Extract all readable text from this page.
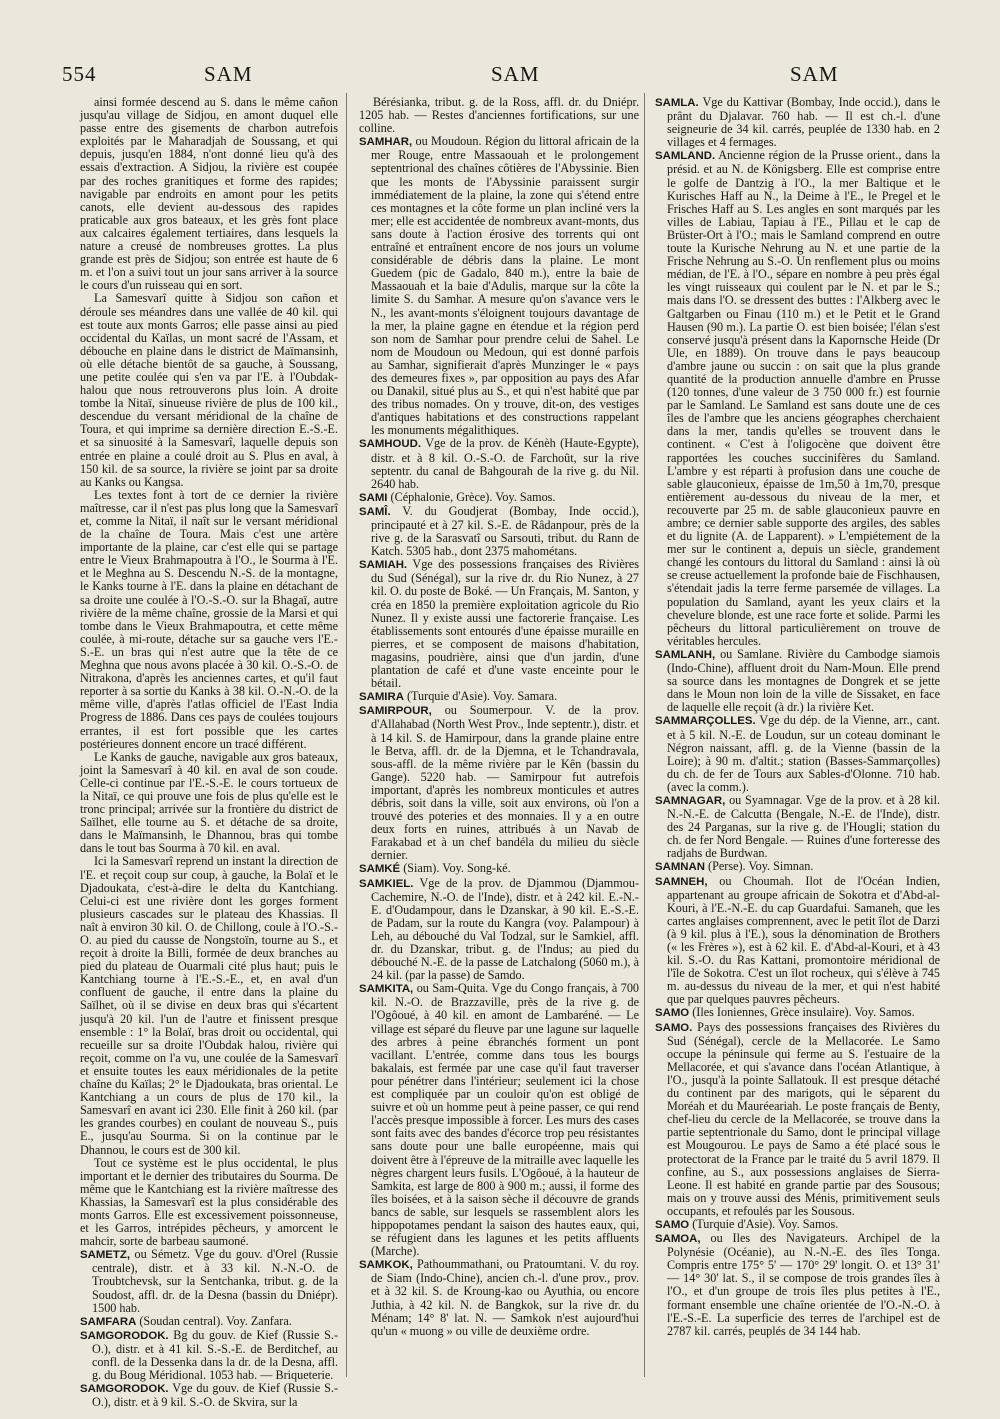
554	SAM	SAM	SAM

ainsi formée descend au S. dans le même cañon jusqu'au village de Sidjou, en amont duquel elle passe entre des gisements de charbon autrefois exploités par le Maharadjah de Soussang, et qui depuis, jusqu'en 1884, n'ont donné lieu qu'à des essais d'extraction. A Sidjou, la rivière est coupée par des roches granitiques et forme des rapides; navigable par endroits en amont pour les petits canots, elle devient au-dessous des rapides praticable aux gros bateaux, et les grès font place aux calcaires également tertiaires, dans lesquels la nature a creusé de nombreuses grottes. La plus grande est près de Sidjou; son entrée est haute de 6 m. et l'on a suivi tout un jour sans arriver à la source le cours d'un ruisseau qui en sort.

La Samesvarî quitte à Sidjou son cañon et déroule ses méandres dans une vallée de 40 kil. qui est toute aux monts Garros; elle passe ainsi au pied occidental du Kaïlas, un mont sacré de l'Assam, et débouche en plaine dans le district de Maïmansinh, où elle détache bientôt de sa gauche, à Soussang, une petite coulée qui s'en va par l'E. à l'Oubdak-halou que nous retrouverons plus loin. A droite tombe la Nitaï, sinueuse rivière de plus de 100 kil., descendue du versant méridional de la chaîne de Toura, et qui imprime sa dernière direction E.-S.-E. et sa sinuosité à la Samesvarî, laquelle depuis son entrée en plaine a coulé droit au S. Plus en aval, à 150 kil. de sa source, la rivière se joint par sa droite au Kanks ou Kangsa.

Les textes font à tort de ce dernier la rivière maîtresse, car il n'est pas plus long que la Samesvarî et, comme la Nitaï, il naît sur le versant méridional de la chaîne de Toura. Mais c'est une artère importante de la plaine, car c'est elle qui se partage entre le Vieux Brahmapoutra à l'O., le Sourma à l'E. et le Meghna au S. Descendu N.-S. de la montagne, le Kanks tourne à l'E. dans la plaine en détachant de sa droite une coulée à l'O.-S.-O. sur la Bhagaï, autre rivière de la même chaîne, grossie de la Marsi et qui tombe dans le Vieux Brahmapoutra, et cette même coulée, à mi-route, détache sur sa gauche vers l'E.-S.-E. un bras qui n'est autre que la tête de ce Meghna que nous avons placée à 30 kil. O.-S.-O. de Nitrakona, d'après les anciennes cartes, et qu'il faut reporter à sa sortie du Kanks à 38 kil. O.-N.-O. de la même ville, d'après l'atlas officiel de l'East India Progress de 1886. Dans ces pays de coulées toujours errantes, il est fort possible que les cartes postérieures donnent encore un tracé différent.

Le Kanks de gauche, navigable aux gros bateaux, joint la Samesvarî à 40 kil. en aval de son coude. Celle-ci continue par l'E.-S.-E. le cours tortueux de la Nitaï, ce qui prouve une fois de plus qu'elle est le tronc principal; arrivée sur la frontière du district de Saïlhet, elle tourne au S. et détache de sa droite, dans le Maïmansinh, le Dhannou, bras qui tombe dans le tout bas Sourma à 70 kil. en aval.

Ici la Samesvarî reprend un instant la direction de l'E. et reçoit coup sur coup, à gauche, la Bolaï et le Djadoukata, c'est-à-dire le delta du Kantchiang. Celui-ci est une rivière dont les gorges forment plusieurs cascades sur le plateau des Khassias. Il naît à environ 30 kil. O. de Chillong, coule à l'O.-S.-O. au pied du causse de Nongstoïn, tourne au S., et reçoit à droite la Billi, formée de deux branches au pied du plateau de Ouarmali cité plus haut; puis le Kantchiang tourne à l'E.-S.-E., et, en aval d'un confluent de gauche, il entre dans la plaine du Saïlhet, où il se divise en deux bras qui s'écartent jusqu'à 20 kil. l'un de l'autre et finissent presque ensemble : 1° la Bolaï, bras droit ou occidental, qui recueille sur sa droite l'Oubdak halou, rivière qui reçoit, comme on l'a vu, une coulée de la Samesvarî et ensuite toutes les eaux méridionales de la petite chaîne du Kaïlas; 2° le Djadoukata, bras oriental. Le Kantchiang a un cours de plus de 170 kil., la Samesvarî en avant ici 230. Elle finit à 260 kil. (par les grandes courbes) en coulant de nouveau S., puis E., jusqu'au Sourma. Si on la continue par le Dhannou, le cours est de 300 kil.

Tout ce système est le plus occidental, le plus important et le dernier des tributaires du Sourma. De même que le Kantchiang est la rivière maîtresse des Khassias, la Samesvarî est la plus considérable des monts Garros. Elle est excessivement poissonneuse, et les Garros, intrépides pêcheurs, y amorcent le mahcir, sorte de barbeau saumoné.

SAMETZ, ou Sémetz. Vge du gouv. d'Orel (Russie centrale), distr. et à 33 kil. N.-N.-O. de Troubtchevsk, sur la Sentchanka, tribut. g. de la Soudost, affl. dr. de la Desna (bassin du Dniépr). 1500 hab.

SAMFARA (Soudan central). Voy. Zanfara.

SAMGORODOK. Bg du gouv. de Kief (Russie S.-O.), distr. et à 41 kil. S.-S.-E. de Berditchef, au confl. de la Dessenka dans la dr. de la Desna, affl. g. du Boug Méridional. 1053 hab. — Briqueterie.

SAMGORODOK. Vge du gouv. de Kief (Russie S.-O.), distr. et à 9 kil. S.-O. de Skvira, sur la

Bérésianka, tribut. g. de la Ross, affl. dr. du Dniépr. 1205 hab. — Restes d'anciennes fortifications, sur une colline.

SAMHAR, ou Moudoun. Région du littoral africain de la mer Rouge, entre Massaouah et le prolongement septentrional des chaînes côtières de l'Abyssinie. Bien que les monts de l'Abyssinie paraissent surgir immédiatement de la plaine, la zone qui s'étend entre ces montagnes et la côte forme un plan incliné vers la mer; elle est accidentée de nombreux avant-monts, dus sans doute à l'action érosive des torrents qui ont entraîné et entraînent encore de nos jours un volume considérable de débris dans la plaine. Le mont Guedem (pic de Gadalo, 840 m.), entre la baie de Massaouah et la baie d'Adulis, marque sur la côte la limite S. du Samhar. A mesure qu'on s'avance vers le N., les avant-monts s'éloignent toujours davantage de la mer, la plaine gagne en étendue et la région perd son nom de Samhar pour prendre celui de Sahel. Le nom de Moudoun ou Medoun, qui est donné parfois au Samhar, signifierait d'après Munzinger le « pays des demeures fixes », par opposition au pays des Afar ou Danakil, situé plus au S., et qui n'est habité que par des tribus nomades. On y trouve, dit-on, des vestiges d'antiques habitations et des constructions rappelant les monuments mégalithiques.

SAMHOUD. Vge de la prov. de Kénèh (Haute-Egypte), distr. et à 8 kil. O.-S.-O. de Farchoût, sur la rive septentr. du canal de Bahgourah de la rive g. du Nil. 2640 hab.

SAMI (Céphalonie, Grèce). Voy. Samos.

SAMÎ. V. du Goudjerat (Bombay, Inde occid.), principauté et à 27 kil. S.-E. de Râdanpour, près de la rive g. de la Sarasvatî ou Sarsouti, tribut. du Rann de Katch. 5305 hab., dont 2375 mahométans.

SAMIAH. Vge des possessions françaises des Rivières du Sud (Sénégal), sur la rive dr. du Rio Nunez, à 27 kil. O. du poste de Boké. — Un Français, M. Santon, y créa en 1850 la première exploitation agricole du Rio Nunez. Il y existe aussi une factorerie française. Les établissements sont entourés d'une épaisse muraille en pierres, et se composent de maisons d'habitation, magasins, poudrière, ainsi que d'un jardin, d'une plantation de café et d'une vaste enceinte pour le bétail.

SAMIRA (Turquie d'Asie). Voy. Samara.

SAMIRPOUR, ou Soumerpour. V. de la prov. d'Allahabad (North West Prov., Inde septentr.), distr. et à 14 kil. S. de Hamirpour, dans la grande plaine entre le Betva, affl. dr. de la Djemna, et le Tchandravala, sous-affl. de la même rivière par le Kên (bassin du Gange). 5220 hab. — Samirpour fut autrefois important, d'après les nombreux monticules et autres débris, soit dans la ville, soit aux environs, où l'on a trouvé des poteries et des monnaies. Il y a en outre deux forts en ruines, attribués à un Navab de Farakabad et à un chef bandéla du milieu du siècle dernier.

SAMKÉ (Siam). Voy. Song-ké.

SAMKIEL. Vge de la prov. de Djammou (Djammou-Cachemire, N.-O. de l'Inde), distr. et à 242 kil. E.-N.-E. d'Oudampour, dans le Dzanskar, à 90 kil. E.-S.-E. de Padam, sur la route du Kangra (voy. Palampour) à Leh, au débouché du Val Todzal, sur le Samkiel, affl. dr. du Dzanskar, tribut. g. de l'Indus; au pied du débouché N.-E. de la passe de Latchalong (5060 m.), à 24 kil. (par la passe) de Samdo.

SAMKITA, ou Sam-Quita. Vge du Congo français, à 700 kil. N.-O. de Brazzaville, près de la rive g. de l'Ogôoué, à 40 kil. en amont de Lambaréné. — Le village est séparé du fleuve par une lagune sur laquelle des arbres à peine ébranchés forment un pont vacillant. L'entrée, comme dans tous les bourgs bakalais, est fermée par une case qu'il faut traverser pour pénétrer dans l'intérieur; seulement ici la chose est compliquée par un couloir qu'on est obligé de suivre et où un homme peut à peine passer, ce qui rend l'accès presque impossible à forcer. Les murs des cases sont faits avec des bandes d'écorce trop peu résistantes sans doute pour une balle européenne, mais qui doivent être à l'épreuve de la mitraille avec laquelle les nègres chargent leurs fusils. L'Ogôoué, à la hauteur de Samkita, est large de 800 à 900 m.; aussi, il forme des îles boisées, et à la saison sèche il découvre de grands bancs de sable, sur lesquels se rassemblent alors les hippopotames pendant la saison des hautes eaux, qui, se réfugient dans les lagunes et les petits affluents (Marche).

SAMKOK, Pathoummathani, ou Pratoumtani. V. du roy. de Siam (Indo-Chine), ancien ch.-l. d'une prov., prov. et à 32 kil. S. de Kroung-kao ou Ayuthia, ou encore Juthia, à 42 kil. N. de Bangkok, sur la rive dr. du Ménam; 14° 8' lat. N. — Samkok n'est aujourd'hui qu'un « muong » ou ville de deuxième ordre.

SAMLA. Vge du Kattivar (Bombay, Inde occid.), dans le prânt du Djalavar. 760 hab. — Il est ch.-l. d'une seigneurie de 34 kil. carrés, peuplée de 1330 hab. en 2 villages et 4 fermages.

SAMLAND. Ancienne région de la Prusse orient., dans la présid. et au N. de Königsberg. Elle est comprise entre le golfe de Dantzig à l'O., la mer Baltique et le Kurisches Haff au N., la Deime à l'E., le Pregel et le Frisches Haff au S. Les angles en sont marqués par les villes de Labiau, Tapiau à l'E., Pillau et le cap de Brüster-Ort à l'O.; mais le Samland comprend en outre toute la Kurische Nehrung au N. et une partie de la Frische Nehrung au S.-O. Un renflement plus ou moins médian, de l'E. à l'O., sépare en nombre à peu près égal les vingt ruisseaux qui coulent par le N. et par le S.; mais dans l'O. se dressent des buttes : l'Alkberg avec le Galtgarben ou Finau (110 m.) et le Petit et le Grand Hausen (90 m.). La partie O. est bien boisée; l'élan s'est conservé jusqu'à présent dans la Kapornsche Heide (Dr Ule, en 1889). On trouve dans le pays beaucoup d'ambre jaune ou succin : on sait que la plus grande quantité de la production annuelle d'ambre en Prusse (120 tonnes, d'une valeur de 3 750 000 fr.) est fournie par le Samland. Le Samland est sans doute une de ces îles de l'ambre que les anciens géographes cherchaient dans la mer, tandis qu'elles se trouvent dans le continent. « C'est à l'oligocène que doivent être rapportées les couches succinifères du Samland. L'ambre y est réparti à profusion dans une couche de sable glauconieux, épaisse de 1m,50 à 1m,70, presque entièrement au-dessous du niveau de la mer, et recouverte par 25 m. de sable glauconieux pauvre en ambre; ce dernier sable supporte des argiles, des sables et du lignite (A. de Lapparent). » L'empiétement de la mer sur le continent a, depuis un siècle, grandement changé les contours du littoral du Samland : ainsi là où se creuse actuellement la profonde baie de Fischhausen, s'étendait jadis la terre ferme parsemée de villages. La population du Samland, ayant les yeux clairs et la chevelure blonde, est une race forte et solide. Parmi les pêcheurs du littoral particulièrement on trouve de véritables hercules.

SAMLANH, ou Samlane. Rivière du Cambodge siamois (Indo-Chine), affluent droit du Nam-Moun. Elle prend sa source dans les montagnes de Dongrek et se jette dans le Moun non loin de la ville de Sissaket, en face de laquelle elle reçoit (à dr.) la rivière Ket.

SAMMARÇOLLES. Vge du dép. de la Vienne, arr., cant. et à 5 kil. N.-E. de Loudun, sur un coteau dominant le Négron naissant, affl. g. de la Vienne (bassin de la Loire); à 90 m. d'altit.; station (Basses-Sammarçolles) du ch. de fer de Tours aux Sables-d'Olonne. 710 hab. (avec la comm.).

SAMNAGAR, ou Syamnagar. Vge de la prov. et à 28 kil. N.-N.-E. de Calcutta (Bengale, N.-E. de l'Inde), distr. des 24 Parganas, sur la rive g. de l'Hougli; station du ch. de fer Nord Bengale. — Ruines d'une forteresse des radjahs de Burdwan.

SAMNAN (Perse). Voy. Simnan.

SAMNEH, ou Choumah. Ilot de l'Océan Indien, appartenant au groupe africain de Sokotra et d'Abd-al-Kouri, à l'E.-N.-E. du cap Guardafui. Samaneh, que les cartes anglaises comprennent, avec le petit îlot de Darzi (à 9 kil. plus à l'E.), sous la dénomination de Brothers (« les Frères »), est à 62 kil. E. d'Abd-al-Kouri, et à 43 kil. S.-O. du Ras Kattani, promontoire méridional de l'île de Sokotra. C'est un îlot rocheux, qui s'élève à 745 m. au-dessus du niveau de la mer, et qui n'est habité que par quelques pauvres pêcheurs.

SAMO (Iles Ioniennes, Grèce insulaire). Voy. Samos.

SAMO. Pays des possessions françaises des Rivières du Sud (Sénégal), cercle de la Mellacorée. Le Samo occupe la péninsule qui ferme au S. l'estuaire de la Mellacorée, et qui s'avance dans l'océan Atlantique, à l'O., jusqu'à la pointe Sallatouk. Il est presque détaché du continent par des marigots, qui le séparent du Moréah et du Mauréeariah. Le poste français de Benty, chef-lieu du cercle de la Mellacorée, se trouve dans la partie septentrionale du Samo, dont le principal village est Mougourou. Le pays de Samo a été placé sous le protectorat de la France par le traité du 5 avril 1879. Il confine, au S., aux possessions anglaises de Sierra-Leone. Il est habité en grande partie par des Sousous; mais on y trouve aussi des Ménis, primitivement seuls occupants, et refoulés par les Sousous.

SAMO (Turquie d'Asie). Voy. Samos.

SAMOA, ou Iles des Navigateurs. Archipel de la Polynésie (Océanie), au N.-N.-E. des îles Tonga. Compris entre 175° 5' — 170° 29' longit. O. et 13° 31' — 14° 30' lat. S., il se compose de trois grandes îles à l'O., et d'un groupe de trois îles plus petites à l'E., formant ensemble une chaîne orientée de l'O.-N.-O. à l'E.-S.-E. La superficie des terres de l'archipel est de 2787 kil. carrés, peuplés de 34 144 hab.
